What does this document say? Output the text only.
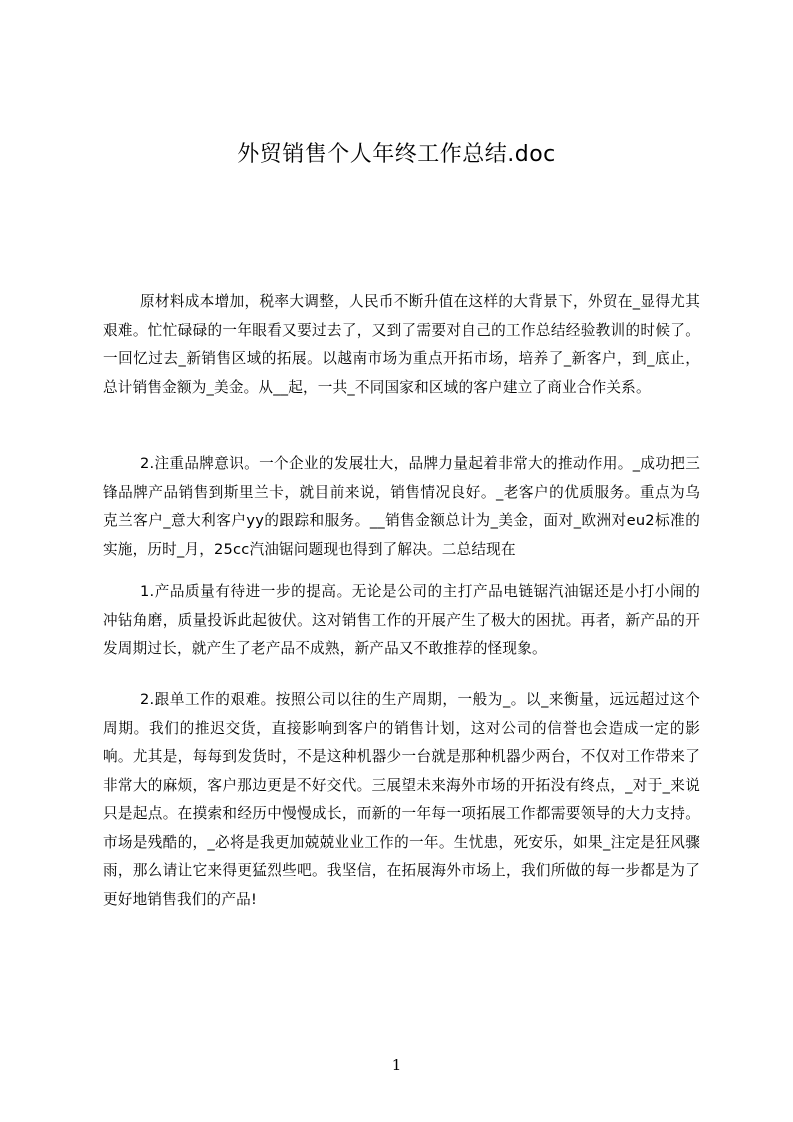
外贸销售个人年终工作总结.doc

原材料成本增加，税率大调整，人民币不断升值在这样的大背景下，外贸在_显得尤其艰难。忙忙碌碌的一年眼看又要过去了，又到了需要对自己的工作总结经验教训的时候了。一回忆过去_新销售区域的拓展。以越南市场为重点开拓市场，培养了_新客户，到_底止，总计销售金额为_美金。从__起，一共_不同国家和区域的客户建立了商业合作关系。

2.注重品牌意识。一个企业的发展壮大，品牌力量起着非常大的推动作用。_成功把三锋品牌产品销售到斯里兰卡，就目前来说，销售情况良好。_老客户的优质服务。重点为乌克兰客户_意大利客户yy的跟踪和服务。__销售金额总计为_美金，面对_欧洲对eu2标准的实施，历时_月，25cc汽油锯问题现也得到了解决。二总结现在

1.产品质量有待进一步的提高。无论是公司的主打产品电链锯汽油锯还是小打小闹的冲钻角磨，质量投诉此起彼伏。这对销售工作的开展产生了极大的困扰。再者，新产品的开发周期过长，就产生了老产品不成熟，新产品又不敢推荐的怪现象。

2.跟单工作的艰难。按照公司以往的生产周期，一般为_。以_来衡量，远远超过这个周期。我们的推迟交货，直接影响到客户的销售计划，这对公司的信誉也会造成一定的影响。尤其是，每每到发货时，不是这种机器少一台就是那种机器少两台，不仅对工作带来了非常大的麻烦，客户那边更是不好交代。三展望未来海外市场的开拓没有终点，_对于_来说只是起点。在摸索和经历中慢慢成长，而新的一年每一项拓展工作都需要领导的大力支持。市场是残酷的，_必将是我更加兢兢业业工作的一年。生忧患，死安乐，如果_注定是狂风骤雨，那么请让它来得更猛烈些吧。我坚信，在拓展海外市场上，我们所做的每一步都是为了更好地销售我们的产品!

1
